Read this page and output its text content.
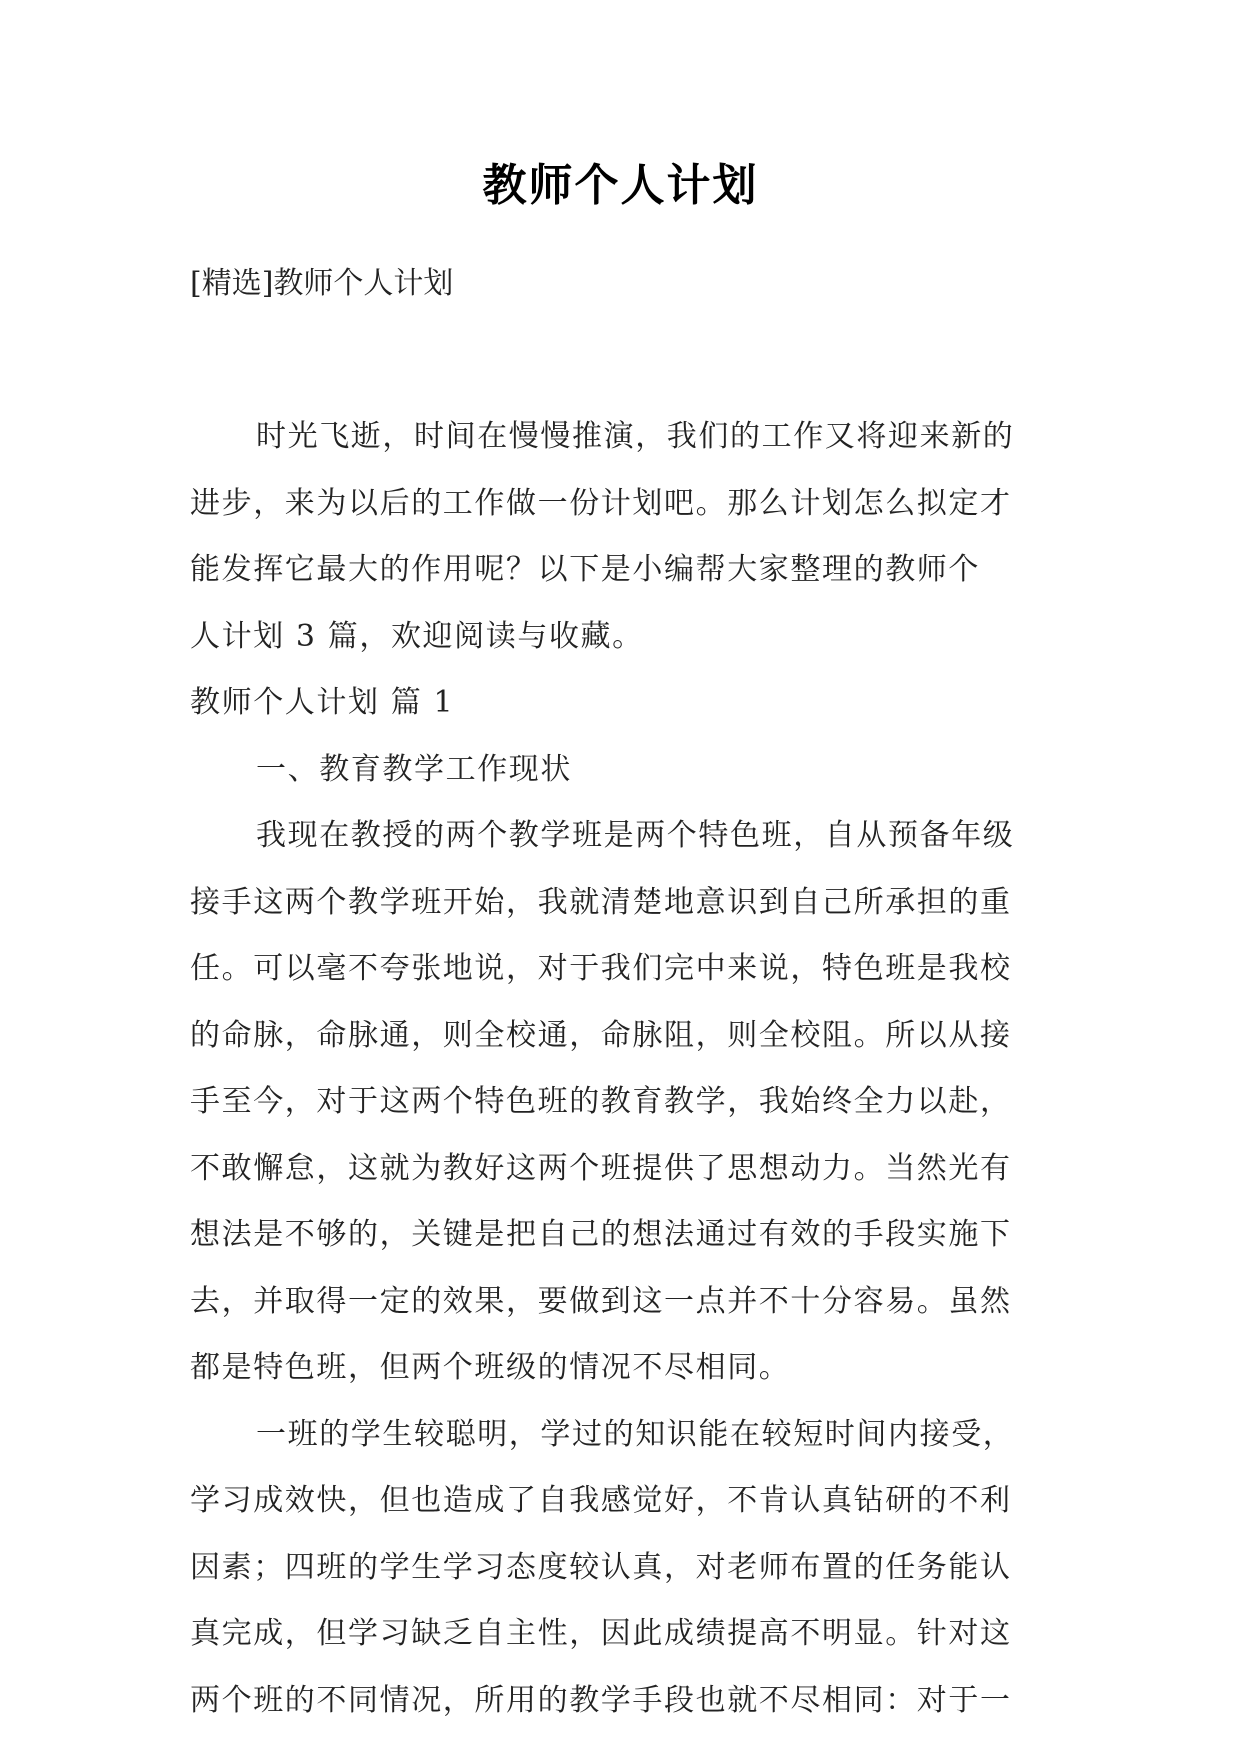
教师个人计划
[精选]教师个人计划
时光飞逝，时间在慢慢推演，我们的工作又将迎来新的
进步，来为以后的工作做一份计划吧。那么计划怎么拟定才
能发挥它最大的作用呢？以下是小编帮大家整理的教师个
人计划 3 篇，欢迎阅读与收藏。
教师个人计划 篇 1
一、教育教学工作现状
我现在教授的两个教学班是两个特色班，自从预备年级
接手这两个教学班开始，我就清楚地意识到自己所承担的重
任。可以毫不夸张地说，对于我们完中来说，特色班是我校
的命脉，命脉通，则全校通，命脉阻，则全校阻。所以从接
手至今，对于这两个特色班的教育教学，我始终全力以赴，
不敢懈怠，这就为教好这两个班提供了思想动力。当然光有
想法是不够的，关键是把自己的想法通过有效的手段实施下
去，并取得一定的效果，要做到这一点并不十分容易。虽然
都是特色班，但两个班级的情况不尽相同。
一班的学生较聪明，学过的知识能在较短时间内接受，
学习成效快，但也造成了自我感觉好，不肯认真钻研的不利
因素；四班的学生学习态度较认真，对老师布置的任务能认
真完成，但学习缺乏自主性，因此成绩提高不明显。针对这
两个班的不同情况，所用的教学手段也就不尽相同：对于一
